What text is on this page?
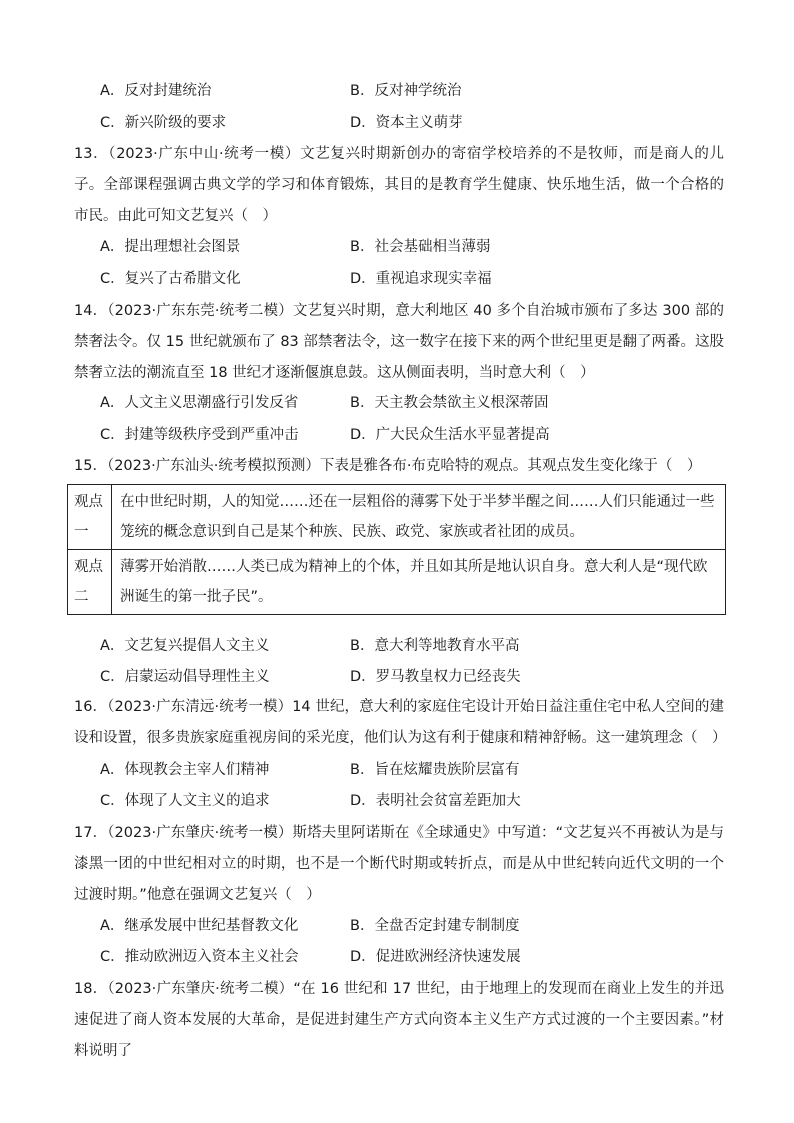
A．反对封建统治	B．反对神学统治
C．新兴阶级的要求	D．资本主义萌芽

13．（2023·广东中山·统考一模）文艺复兴时期新创办的寄宿学校培养的不是牧师，而是商人的儿子。全部课程强调古典文学的学习和体育锻炼，其目的是教育学生健康、快乐地生活，做一个合格的市民。由此可知文艺复兴（　）

A．提出理想社会图景	B．社会基础相当薄弱
C．复兴了古希腊文化	D．重视追求现实幸福

14．（2023·广东东莞·统考二模）文艺复兴时期，意大利地区 40 多个自治城市颁布了多达 300 部的禁奢法令。仅 15 世纪就颁布了 83 部禁奢法令，这一数字在接下来的两个世纪里更是翻了两番。这股禁奢立法的潮流直至 18 世纪才逐渐偃旗息鼓。这从侧面表明，当时意大利（　）

A．人文主义思潮盛行引发反省	B．天主教会禁欲主义根深蒂固
C．封建等级秩序受到严重冲击	D．广大民众生活水平显著提高

15．（2023·广东汕头·统考模拟预测）下表是雅各布·布克哈特的观点。其观点发生变化缘于（　）

观点一	在中世纪时期，人的知觉……还在一层粗俗的薄雾下处于半梦半醒之间……人们只能通过一些笼统的概念意识到自己是某个种族、民族、政党、家族或者社团的成员。
观点二	薄雾开始消散……人类已成为精神上的个体，并且如其所是地认识自身。意大利人是“现代欧洲诞生的第一批子民”。
A．文艺复兴提倡人文主义	B．意大利等地教育水平高
C．启蒙运动倡导理性主义	D．罗马教皇权力已经丧失

16．（2023·广东清远·统考一模）14 世纪，意大利的家庭住宅设计开始日益注重住宅中私人空间的建设和设置，很多贵族家庭重视房间的采光度，他们认为这有利于健康和精神舒畅。这一建筑理念（　）

A．体现教会主宰人们精神	B．旨在炫耀贵族阶层富有
C．体现了人文主义的追求	D．表明社会贫富差距加大

17．（2023·广东肇庆·统考一模）斯塔夫里阿诺斯在《全球通史》中写道：“文艺复兴不再被认为是与漆黑一团的中世纪相对立的时期，也不是一个断代时期或转折点，而是从中世纪转向近代文明的一个过渡时期。”他意在强调文艺复兴（　）

A．继承发展中世纪基督教文化	B．全盘否定封建专制制度
C．推动欧洲迈入资本主义社会	D．促进欧洲经济快速发展

18．（2023·广东肇庆·统考二模）“在 16 世纪和 17 世纪，由于地理上的发现而在商业上发生的并迅速促进了商人资本发展的大革命，是促进封建生产方式向资本主义生产方式过渡的一个主要因素。”材料说明了
